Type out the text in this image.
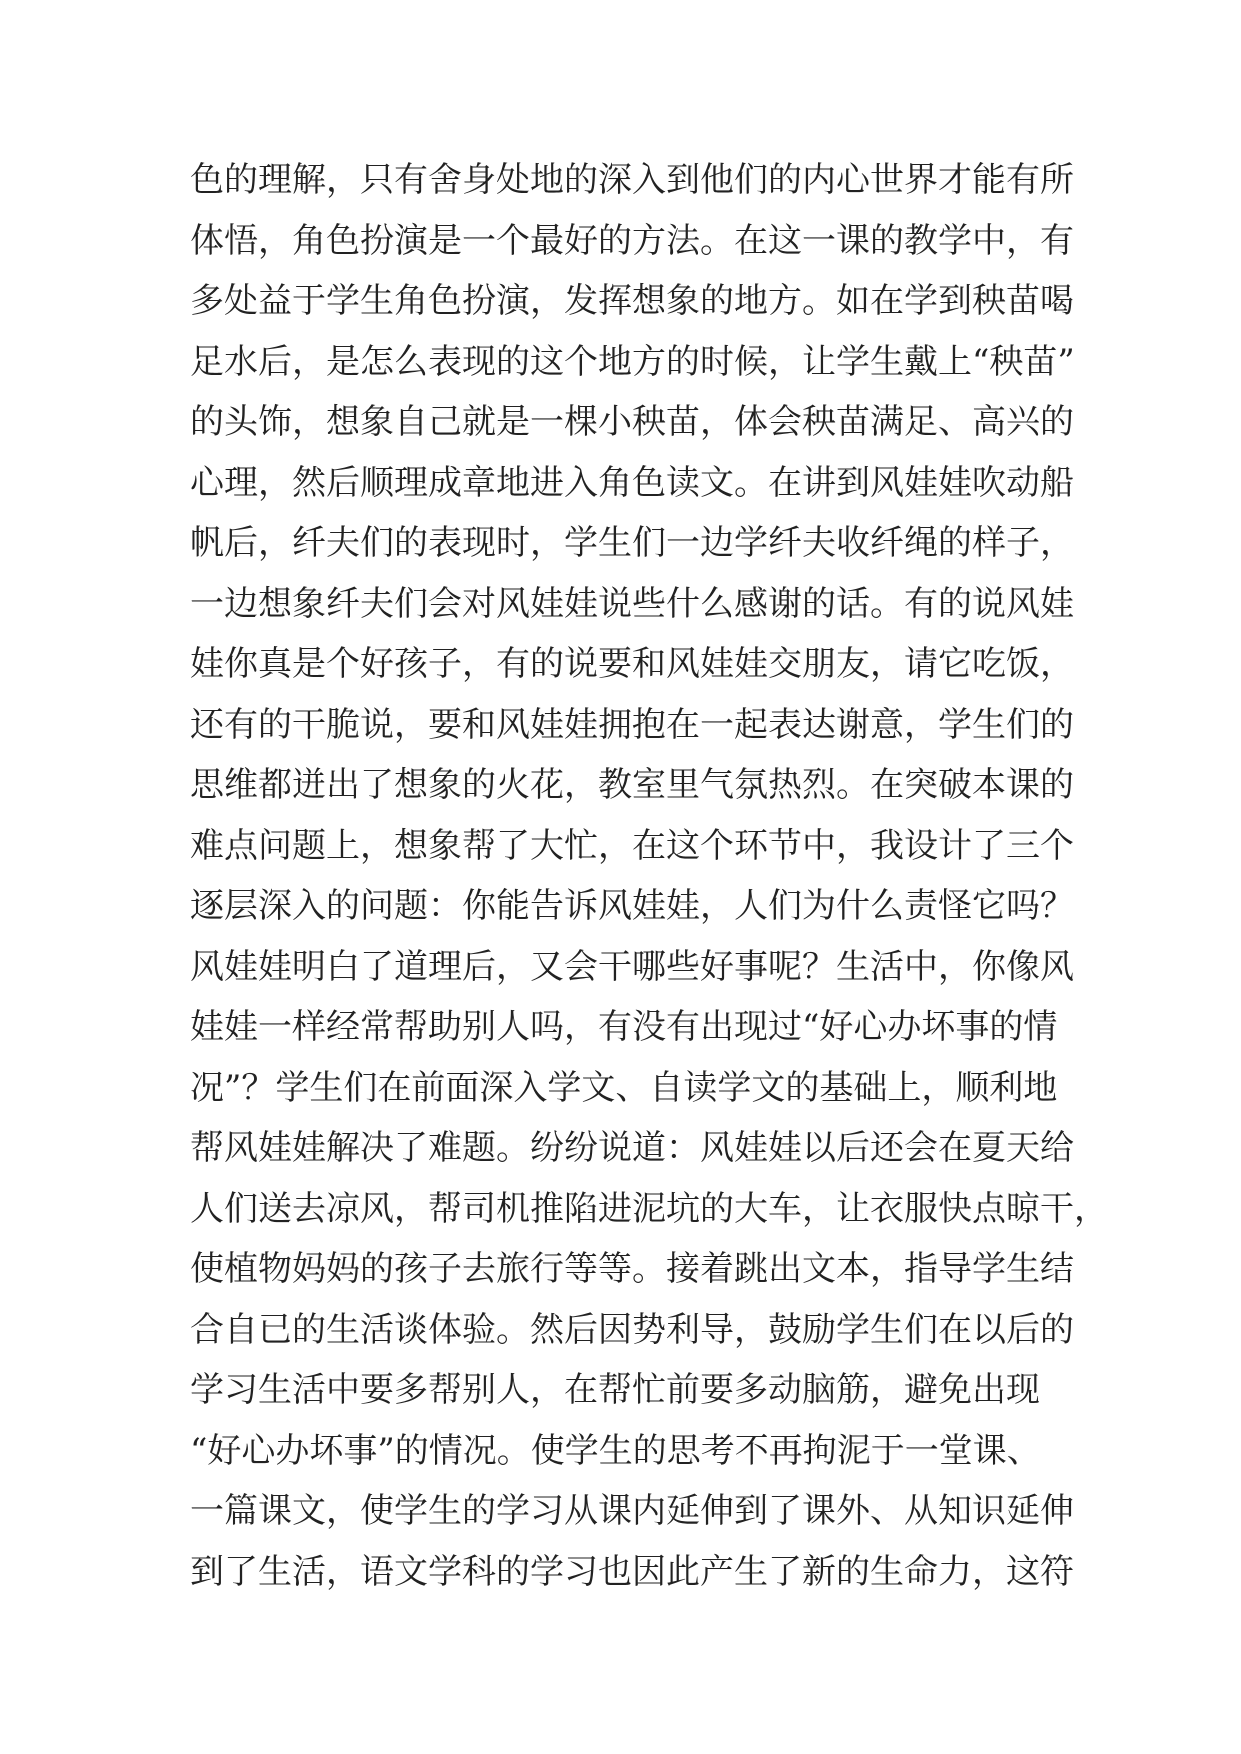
色的理解，只有舍身处地的深入到他们的内心世界才能有所
体悟，角色扮演是一个最好的方法。在这一课的教学中，有
多处益于学生角色扮演，发挥想象的地方。如在学到秧苗喝
足水后，是怎么表现的这个地方的时候，让学生戴上“秧苗”
的头饰，想象自己就是一棵小秧苗，体会秧苗满足、高兴的
心理，然后顺理成章地进入角色读文。在讲到风娃娃吹动船
帆后，纤夫们的表现时，学生们一边学纤夫收纤绳的样子，
一边想象纤夫们会对风娃娃说些什么感谢的话。有的说风娃
娃你真是个好孩子，有的说要和风娃娃交朋友，请它吃饭，
还有的干脆说，要和风娃娃拥抱在一起表达谢意，学生们的
思维都迸出了想象的火花，教室里气氛热烈。在突破本课的
难点问题上，想象帮了大忙，在这个环节中，我设计了三个
逐层深入的问题：你能告诉风娃娃，人们为什么责怪它吗？
风娃娃明白了道理后，又会干哪些好事呢？生活中，你像风
娃娃一样经常帮助别人吗，有没有出现过“好心办坏事的情
况”？学生们在前面深入学文、自读学文的基础上，顺利地
帮风娃娃解决了难题。纷纷说道：风娃娃以后还会在夏天给
人们送去凉风，帮司机推陷进泥坑的大车，让衣服快点晾干，
使植物妈妈的孩子去旅行等等。接着跳出文本，指导学生结
合自已的生活谈体验。然后因势利导，鼓励学生们在以后的
学习生活中要多帮别人，在帮忙前要多动脑筋，避免出现
“好心办坏事”的情况。使学生的思考不再拘泥于一堂课、
一篇课文，使学生的学习从课内延伸到了课外、从知识延伸
到了生活，语文学科的学习也因此产生了新的生命力，这符
